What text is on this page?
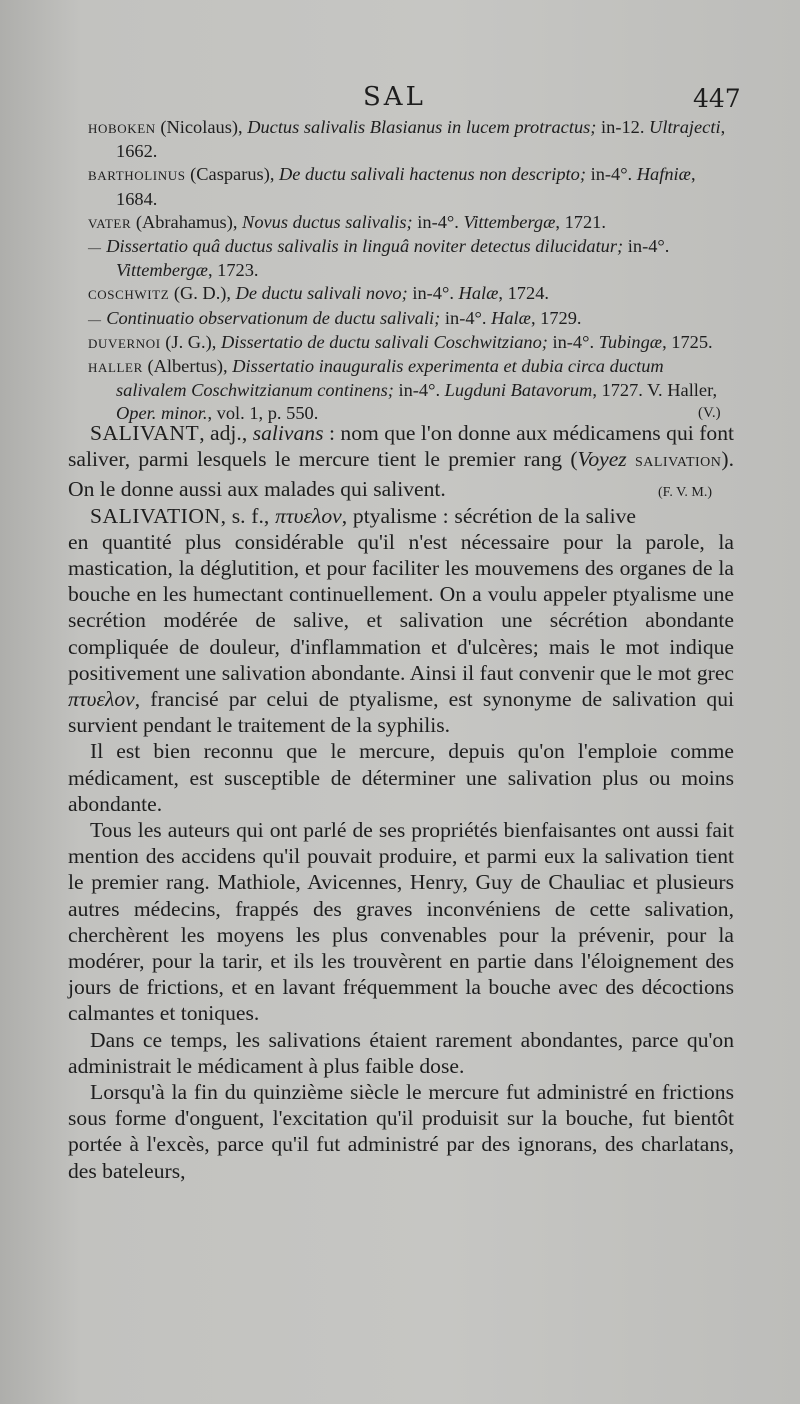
SAL	447

HOBOKEN (Nicolaus), Ductus salivalis Blasianus in lucem protractus; in-12. Ultrajecti, 1662.

BARTHOLINUS (Casparus), De ductu salivali hactenus non descripto; in-4°. Hafniæ, 1684.

VATER (Abrahamus), Novus ductus salivalis; in-4°. Vittembergæ, 1721.

— Dissertatio quâ ductus salivalis in linguâ noviter detectus dilucidatur; in-4°. Vittembergæ, 1723.

COSCHWITZ (G. D.), De ductu salivali novo; in-4°. Halæ, 1724.

— Continuatio observationum de ductu salivali; in-4°. Halæ, 1729.

DUVERNOI (J. G.), Dissertatio de ductu salivali Coschwitziano; in-4°. Tubingæ, 1725.

HALLER (Albertus), Dissertatio inauguralis experimenta et dubia circa ductum salivalem Coschwitzianum continens; in-4°. Lugduni Batavorum, 1727. V. Haller, Oper. minor., vol. 1, p. 550.	(V.)

SALIVANT, adj., salivans : nom que l'on donne aux médicamens qui font saliver, parmi lesquels le mercure tient le premier rang (Voyez SALIVATION). On le donne aussi aux malades qui salivent.	(F. V. M.)

SALIVATION, s. f., πτυελον, ptyalisme : sécrétion de la salive en quantité plus considérable qu'il n'est nécessaire pour la parole, la mastication, la déglutition, et pour faciliter les mouvemens des organes de la bouche en les humectant continuellement. On a voulu appeler ptyalisme une secrétion modérée de salive, et salivation une sécrétion abondante compliquée de douleur, d'inflammation et d'ulcères; mais le mot indique positivement une salivation abondante. Ainsi il faut convenir que le mot grec πτυελον, francisé par celui de ptyalisme, est synonyme de salivation qui survient pendant le traitement de la syphilis.

Il est bien reconnu que le mercure, depuis qu'on l'emploie comme médicament, est susceptible de déterminer une salivation plus ou moins abondante.

Tous les auteurs qui ont parlé de ses propriétés bienfaisantes ont aussi fait mention des accidens qu'il pouvait produire, et parmi eux la salivation tient le premier rang. Mathiole, Avicennes, Henry, Guy de Chauliac et plusieurs autres médecins, frappés des graves inconvéniens de cette salivation, cherchèrent les moyens les plus convenables pour la prévenir, pour la modérer, pour la tarir, et ils les trouvèrent en partie dans l'éloignement des jours de frictions, et en lavant fréquemment la bouche avec des décoctions calmantes et toniques.

Dans ce temps, les salivations étaient rarement abondantes, parce qu'on administrait le médicament à plus faible dose.

Lorsqu'à la fin du quinzième siècle le mercure fut administré en frictions sous forme d'onguent, l'excitation qu'il produisit sur la bouche, fut bientôt portée à l'excès, parce qu'il fut administré par des ignorans, des charlatans, des bateleurs,
